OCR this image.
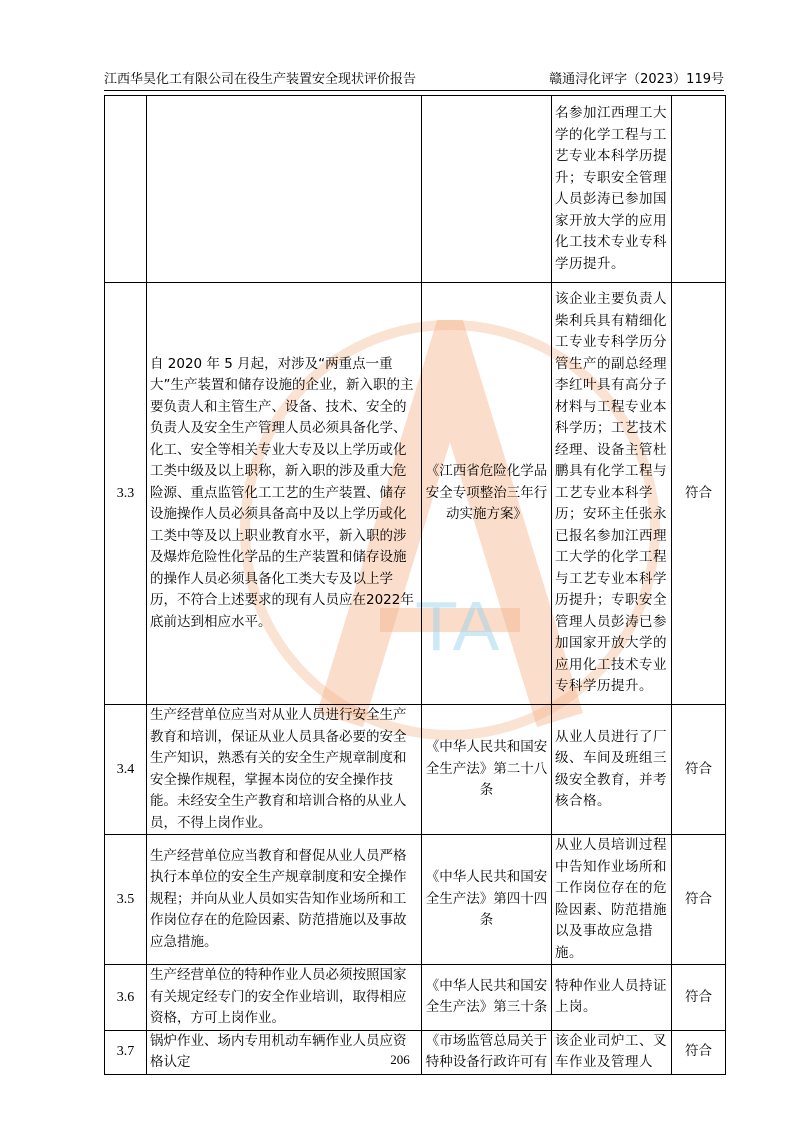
江西华昊化工有限公司在役生产装置安全现状评价报告	赣通浔化评字（2023）119号
TA
			名参加江西理工大学的化学工程与工艺专业本科学历提升；专职安全管理人员彭涛已参加国家开放大学的应用化工技术专业专科学历提升。	
3.3	自 2020 年 5 月起，对涉及“两重点一重大”生产装置和储存设施的企业，新入职的主要负责人和主管生产、设备、技术、安全的负责人及安全生产管理人员必须具备化学、化工、安全等相关专业大专及以上学历或化工类中级及以上职称，新入职的涉及重大危险源、重点监管化工工艺的生产装置、储存设施操作人员必须具备高中及以上学历或化工类中等及以上职业教育水平，新入职的涉及爆炸危险性化学品的生产装置和储存设施的操作人员必须具备化工类大专及以上学历，不符合上述要求的现有人员应在2022年底前达到相应水平。	《江西省危险化学品安全专项整治三年行动实施方案》	该企业主要负责人柴利兵具有精细化工专业专科学历分管生产的副总经理李红叶具有高分子材料与工程专业本科学历；工艺技术经理、设备主管杜鹏具有化学工程与工艺专业本科学历；安环主任张永已报名参加江西理工大学的化学工程与工艺专业本科学历提升；专职安全管理人员彭涛已参加国家开放大学的应用化工技术专业专科学历提升。	符合
3.4	生产经营单位应当对从业人员进行安全生产教育和培训，保证从业人员具备必要的安全生产知识，熟悉有关的安全生产规章制度和安全操作规程，掌握本岗位的安全操作技能。未经安全生产教育和培训合格的从业人员，不得上岗作业。	《中华人民共和国安全生产法》第二十八条	从业人员进行了厂级、车间及班组三级安全教育，并考核合格。	符合
3.5	生产经营单位应当教育和督促从业人员严格执行本单位的安全生产规章制度和安全操作规程；并向从业人员如实告知作业场所和工作岗位存在的危险因素、防范措施以及事故应急措施。	《中华人民共和国安全生产法》第四十四条	从业人员培训过程中告知作业场所和工作岗位存在的危险因素、防范措施以及事故应急措施。	符合
3.6	生产经营单位的特种作业人员必须按照国家有关规定经专门的安全作业培训，取得相应资格，方可上岗作业。	《中华人民共和国安全生产法》第三十条	特种作业人员持证上岗。	符合
3.7	锅炉作业、场内专用机动车辆作业人员应资格认定	《市场监管总局关于特种设备行政许可有	该企业司炉工、叉车作业及管理人	符合
206
